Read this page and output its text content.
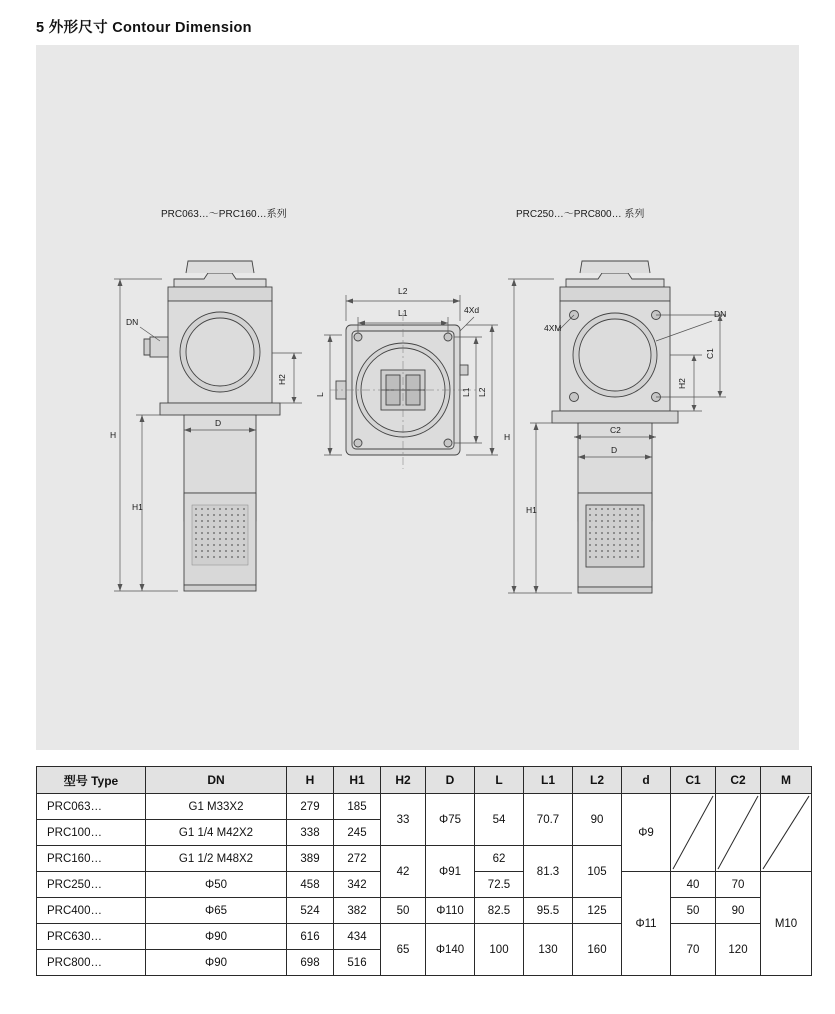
5 外形尺寸 Contour Dimension
PRC063…～PRC160…系列	PRC250…～PRC800… 系列
H
H1
H2
D
DN
L2
L1
L2
L1
L
4Xd
H
H1
H2
C1
C2
D
DN
4XM
型号 Type	DN	H	H1	H2	D	L	L1	L2	d	C1	C2	M
PRC063…	G1 M33X2	279	185	33	Φ75	54	70.7	90	Φ9	

PRC100…	G1 1/4 M42X2	338	245									
PRC160…	G1 1/2 M48X2	389	272	42	Φ91	62	81.3	105				
PRC250…	Φ50	458	342			72.5			Φ11	40	70	M10
PRC400…	Φ65	524	382	50	Φ110	82.5	95.5	125		50	90	
PRC630…	Φ90	616	434	65	Φ140	100	130	160		70	120	
PRC800…	Φ90	698	516									
